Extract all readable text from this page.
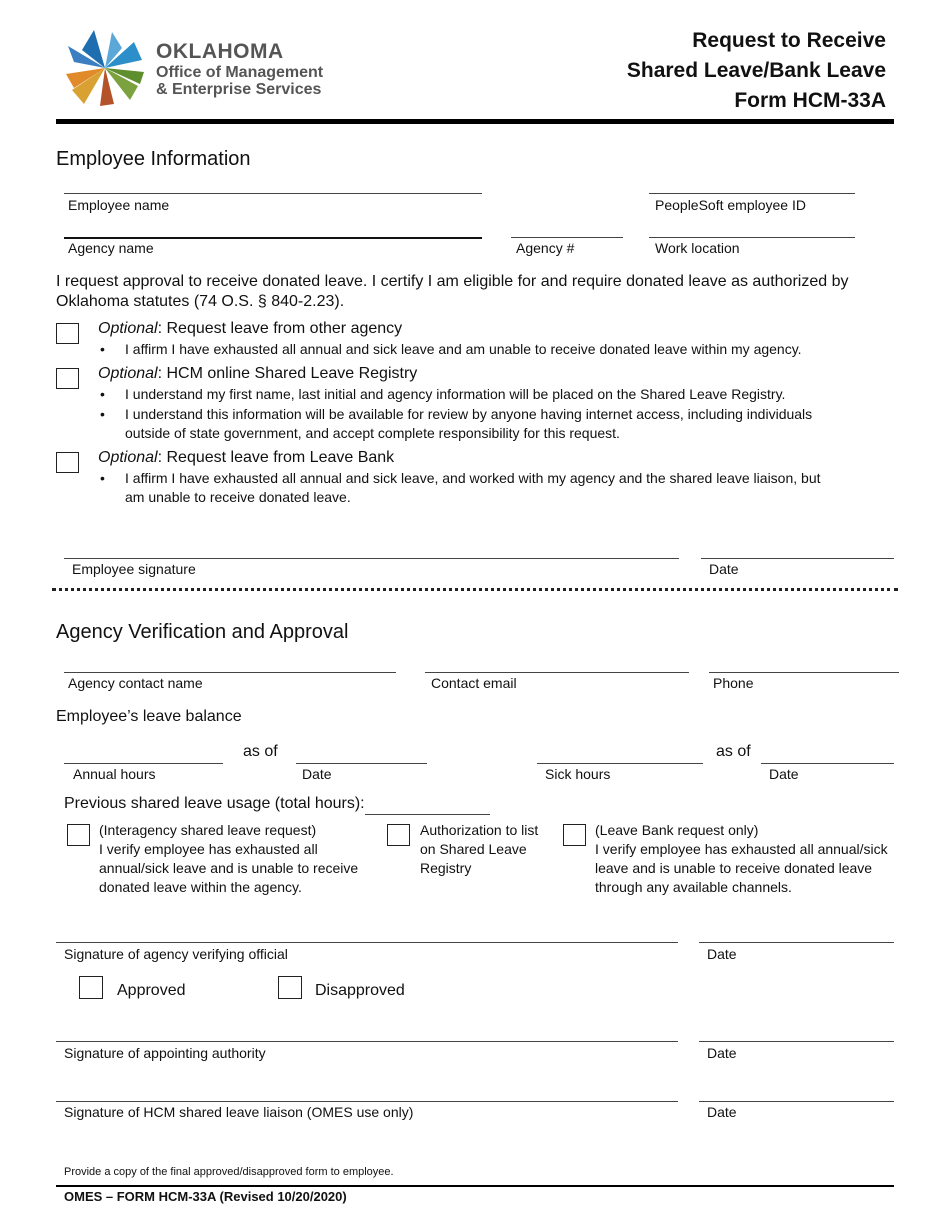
OKLAHOMA
Office of Management
& Enterprise Services
Request to Receive
Shared Leave/Bank Leave
Form HCM-33A
Employee Information
Employee name	PeopleSoft employee ID
Agency name	Agency #	Work location
I request approval to receive donated leave. I certify I am eligible for and require donated leave as authorized by Oklahoma statutes (74 O.S. § 840-2.23).
Optional: Request leave from other agency
• I affirm I have exhausted all annual and sick leave and am unable to receive donated leave within my agency.
Optional: HCM online Shared Leave Registry
• I understand my first name, last initial and agency information will be placed on the Shared Leave Registry.
• I understand this information will be available for review by anyone having internet access, including individuals outside of state government, and accept complete responsibility for this request.
Optional: Request leave from Leave Bank
• I affirm I have exhausted all annual and sick leave, and worked with my agency and the shared leave liaison, but am unable to receive donated leave.
Employee signature	Date
Agency Verification and Approval
Agency contact name	Contact email	Phone
Employee’s leave balance
as of	as of
Annual hours	Date	Sick hours	Date
Previous shared leave usage (total hours):
(Interagency shared leave request)
I verify employee has exhausted all annual/sick leave and is unable to receive donated leave within the agency.
Authorization to list on Shared Leave Registry
(Leave Bank request only)
I verify employee has exhausted all annual/sick leave and is unable to receive donated leave through any available channels.
Signature of agency verifying official	Date
Approved	Disapproved
Signature of appointing authority	Date
Signature of HCM shared leave liaison (OMES use only)	Date
Provide a copy of the final approved/disapproved form to employee.
OMES – FORM HCM-33A (Revised 10/20/2020)
